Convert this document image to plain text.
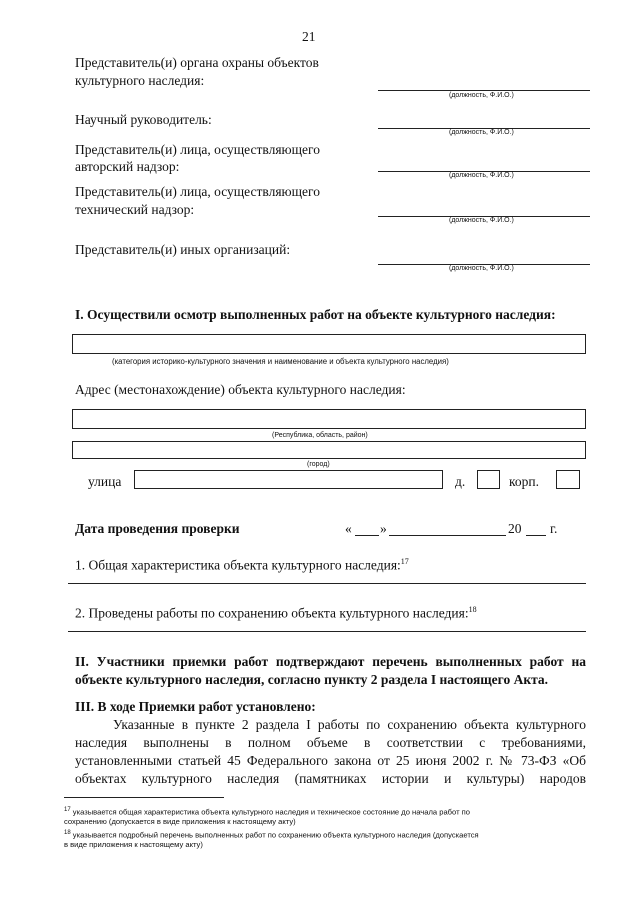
21
Представитель(и) органа охраны объектов
культурного наследия:
(должность, Ф.И.О.)
Научный руководитель:
(должность, Ф.И.О.)
Представитель(и) лица, осуществляющего
авторский надзор:
(должность, Ф.И.О.)
Представитель(и) лица, осуществляющего
технический надзор:
(должность, Ф.И.О.)
Представитель(и) иных организаций:
(должность, Ф.И.О.)
I. Осуществили осмотр выполненных работ на объекте культурного наследия:
(категория историко-культурного значения и наименование и объекта культурного наследия)
Адрес (местонахождение) объекта культурного наследия:
(Республика, область, район)
(город)
улица	д.	корп.
Дата проведения проверки	« »	20 г.
1. Общая характеристика объекта культурного наследия:$^{17}$
2. Проведены работы по сохранению объекта культурного наследия:$^{18}$
II. Участники приемки работ подтверждают перечень выполненных работ на
объекте культурного наследия, согласно пункту 2 раздела I настоящего Акта.
III. В ходе Приемки работ установлено:
Указанные в пункте 2 раздела I работы по сохранению объекта культурного
наследия выполнены в полном объеме в соответствии с требованиями,
установленными статьей 45 Федерального закона от 25 июня 2002 г. № 73-ФЗ «Об
объектах культурного наследия (памятниках истории и культуры) народов
$^{17}$ указывается общая характеристика объекта культурного наследия и техническое состояние до начала работ по
сохранению (допускается в виде приложения к настоящему акту)
$^{18}$ указывается подробный перечень выполненных работ по сохранению объекта культурного наследия (допускается
в виде приложения к настоящему акту)
